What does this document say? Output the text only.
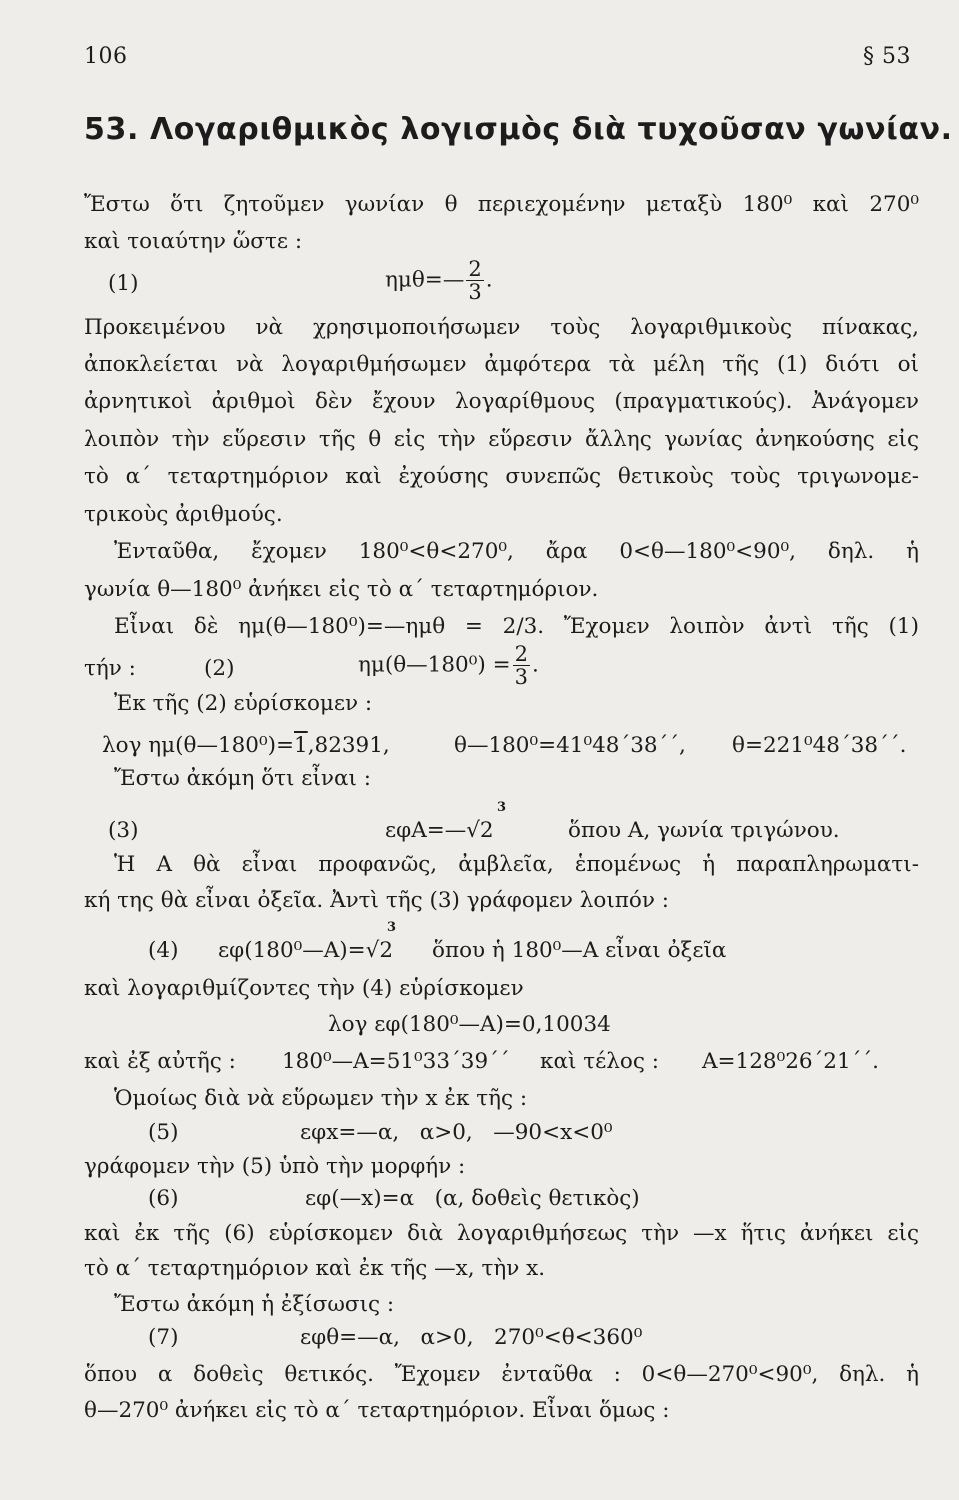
106	§ 53
53. Λογαριθμικὸς λογισμὸς διὰ τυχοῦσαν γωνίαν.
Ἔστω ὅτι ζητοῦμεν γωνίαν θ περιεχομένην μεταξὺ 180⁰ καὶ 270⁰
καὶ τοιαύτην ὥστε :
(1)	ημθ=— $\frac{2}{3}$ .
Προκειμένου νὰ χρησιμοποιήσωμεν τοὺς λογαριθμικοὺς πίνακας,
ἀποκλείεται νὰ λογαριθμήσωμεν ἀμφότερα τὰ μέλη τῆς (1) διότι οἱ
ἀρνητικοὶ ἀριθμοὶ δὲν ἔχουν λογαρίθμους (πραγματικούς). Ἀνάγομεν
λοιπὸν τὴν εὕρεσιν τῆς θ εἰς τὴν εὕρεσιν ἄλλης γωνίας ἀνηκούσης εἰς
τὸ α΄ τεταρτημόριον καὶ ἐχούσης συνεπῶς θετικοὺς τοὺς τριγωνομε-
τρικοὺς ἀριθμούς.
Ἐνταῦθα, ἔχομεν 180⁰<θ<270⁰, ἄρα 0<θ—180⁰<90⁰, δηλ. ἡ
γωνία θ—180⁰ ἀνήκει εἰς τὸ α΄ τεταρτημόριον.
Εἶναι δὲ ημ(θ—180⁰)=—ημθ = 2/3. Ἔχομεν λοιπὸν ἀντὶ τῆς (1)
τήν :	(2)	ημ(θ—180⁰) = $\frac{2}{3}$ .
Ἐκ τῆς (2) εὑρίσκομεν :
λογ ημ(θ—180⁰)=1,82391,	θ—180⁰=41⁰48΄38΄΄, θ=221⁰48΄38΄΄.
Ἔστω ἀκόμη ὅτι εἶναι :
(3)
3
εφΑ=—√2	ὅπου Α, γωνία τριγώνου.
Ἡ Α θὰ εἶναι προφανῶς, ἀμβλεῖα, ἑπομένως ἡ παραπληρωματι-
κή της θὰ εἶναι ὀξεῖα. Ἀντὶ τῆς (3) γράφομεν λοιπόν :
(4)
3
εφ(180⁰—Α)=√2 ὅπου ἡ 180⁰—Α εἶναι ὀξεῖα
καὶ λογαριθμίζοντες τὴν (4) εὑρίσκομεν
λογ εφ(180⁰—Α)=0,10034
καὶ ἐξ αὐτῆς : 180⁰—Α=51⁰33΄39΄΄ καὶ τέλος : Α=128⁰26΄21΄΄.
Ὁμοίως διὰ νὰ εὕρωμεν τὴν x ἐκ τῆς :
(5)	εφx=—α,   α>0,   —90<x<0⁰
γράφομεν τὴν (5) ὑπὸ τὴν μορφήν :
(6)	εφ(—x)=α   (α, δοθεὶς θετικὸς)
καὶ ἐκ τῆς (6) εὑρίσκομεν διὰ λογαριθμήσεως τὴν —x ἥτις ἀνήκει εἰς
τὸ α΄ τεταρτημόριον καὶ ἐκ τῆς —x, τὴν x.
Ἔστω ἀκόμη ἡ ἐξίσωσις :
(7)	εφθ=—α,   α>0,   270⁰<θ<360⁰
ὅπου α δοθεὶς θετικός. Ἔχομεν ἐνταῦθα : 0<θ—270⁰<90⁰, δηλ. ἡ
θ—270⁰ ἀνήκει εἰς τὸ α΄ τεταρτημόριον. Εἶναι ὅμως :
